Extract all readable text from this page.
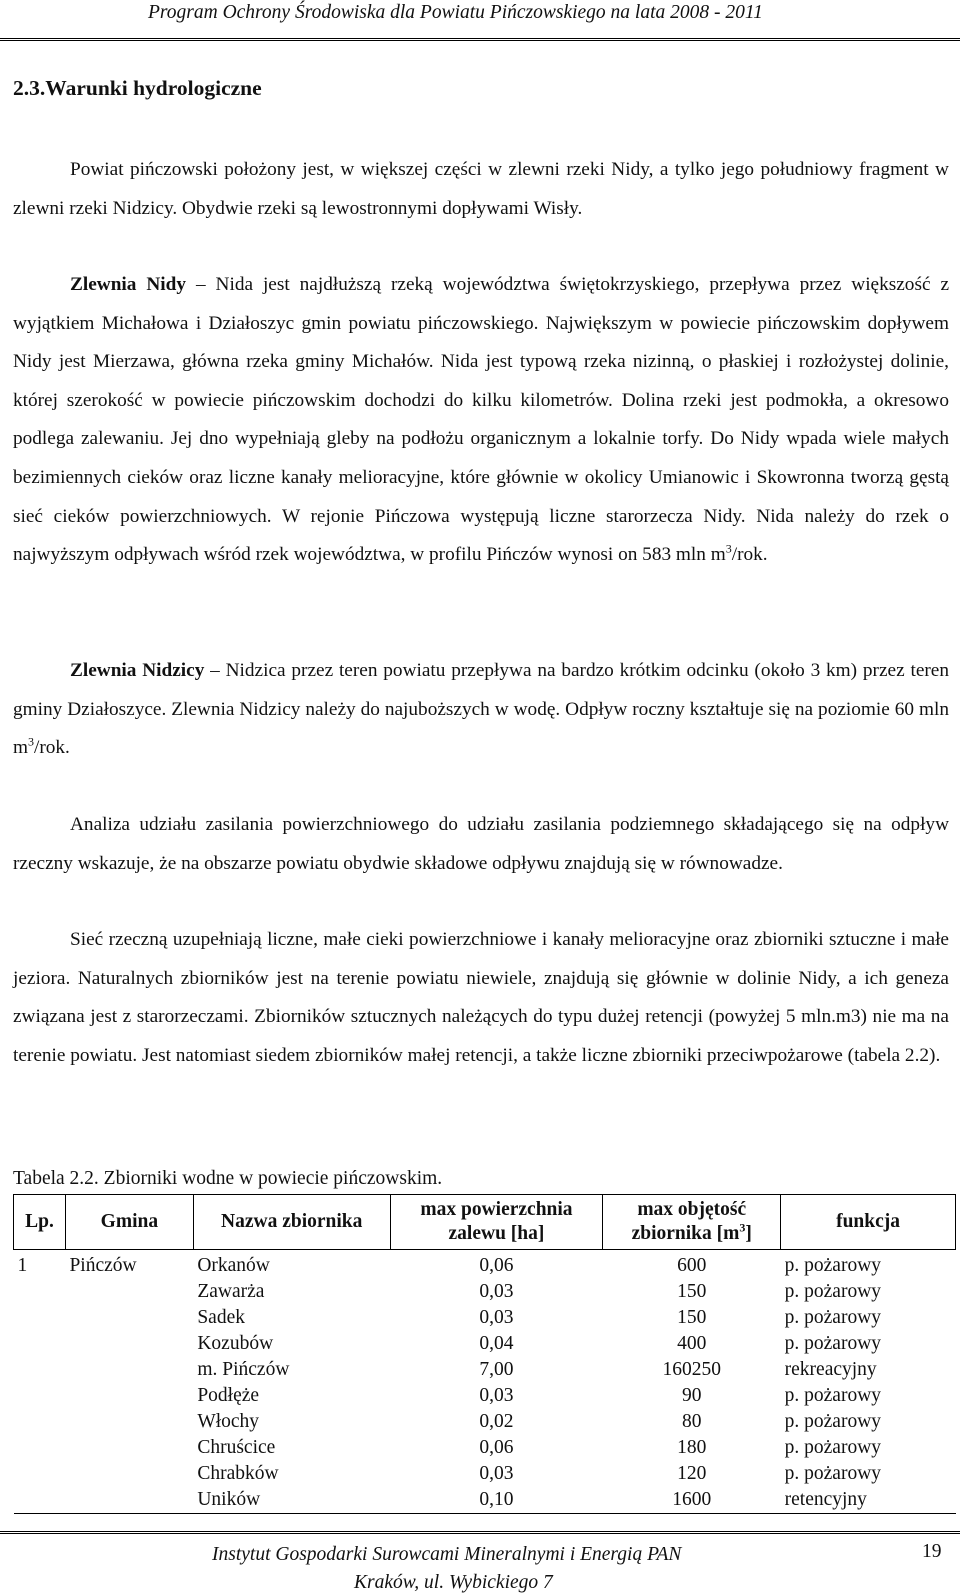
Program Ochrony Środowiska dla Powiatu Pińczowskiego na lata 2008 - 2011
2.3.Warunki hydrologiczne

Powiat pińczowski położony jest, w większej części w zlewni rzeki Nidy, a tylko jego południowy fragment w zlewni rzeki Nidzicy. Obydwie rzeki są lewostronnymi dopływami Wisły.

Zlewnia Nidy – Nida jest najdłuższą rzeką województwa świętokrzyskiego, przepływa przez większość z wyjątkiem Michałowa i Działoszyc gmin powiatu pińczowskiego. Największym w powiecie pińczowskim dopływem Nidy jest Mierzawa, główna rzeka gminy Michałów. Nida jest typową rzeka nizinną, o płaskiej i rozłożystej dolinie, której szerokość w powiecie pińczowskim dochodzi do kilku kilometrów. Dolina rzeki jest podmokła, a okresowo podlega zalewaniu. Jej dno wypełniają gleby na podłożu organicznym a lokalnie torfy. Do Nidy wpada wiele małych bezimiennych cieków oraz liczne kanały melioracyjne, które głównie w okolicy Umianowic i Skowronna tworzą gęstą sieć cieków powierzchniowych. W rejonie Pińczowa występują liczne starorzecza Nidy. Nida należy do rzek o najwyższym odpływach wśród rzek województwa, w profilu Pińczów wynosi on 583 mln $m^3$/rok.

Zlewnia Nidzicy – Nidzica przez teren powiatu przepływa na bardzo krótkim odcinku (około 3 km) przez teren gminy Działoszyce. Zlewnia Nidzicy należy do najuboższych w wodę. Odpływ roczny kształtuje się na poziomie 60 mln $m^3$/rok.

Analiza udziału zasilania powierzchniowego do udziału zasilania podziemnego składającego się na odpływ rzeczny wskazuje, że na obszarze powiatu obydwie składowe odpływu znajdują się w równowadze.

Sieć rzeczną uzupełniają liczne, małe cieki powierzchniowe i kanały melioracyjne oraz zbiorniki sztuczne i małe jeziora. Naturalnych zbiorników jest na terenie powiatu niewiele, znajdują się głównie w dolinie Nidy, a ich geneza związana jest z starorzeczami. Zbiorników sztucznych należących do typu dużej retencji (powyżej 5 mln.m3) nie ma na terenie powiatu. Jest natomiast siedem zbiorników małej retencji, a także liczne zbiorniki przeciwpożarowe (tabela 2.2).

Tabela 2.2. Zbiorniki wodne w powiecie pińczowskim.
Lp.	Gmina	Nazwa zbiornika	max powierzchnia zalewu [ha]	max objętość zbiornika $[m^3]$	funkcja
1	Pińczów	Orkanów	0,06	600	p. pożarowy
		Zawarża	0,03	150	p. pożarowy
		Sadek	0,03	150	p. pożarowy
		Kozubów	0,04	400	p. pożarowy
		m. Pińczów	7,00	160250	rekreacyjny
		Podłęże	0,03	90	p. pożarowy
		Włochy	0,02	80	p. pożarowy
		Chruścice	0,06	180	p. pożarowy
		Chrabków	0,03	120	p. pożarowy
		Uników	0,10	1600	retencyjny
Instytut Gospodarki Surowcami Mineralnymi i Energią PAN
Kraków, ul. Wybickiego 7
19
